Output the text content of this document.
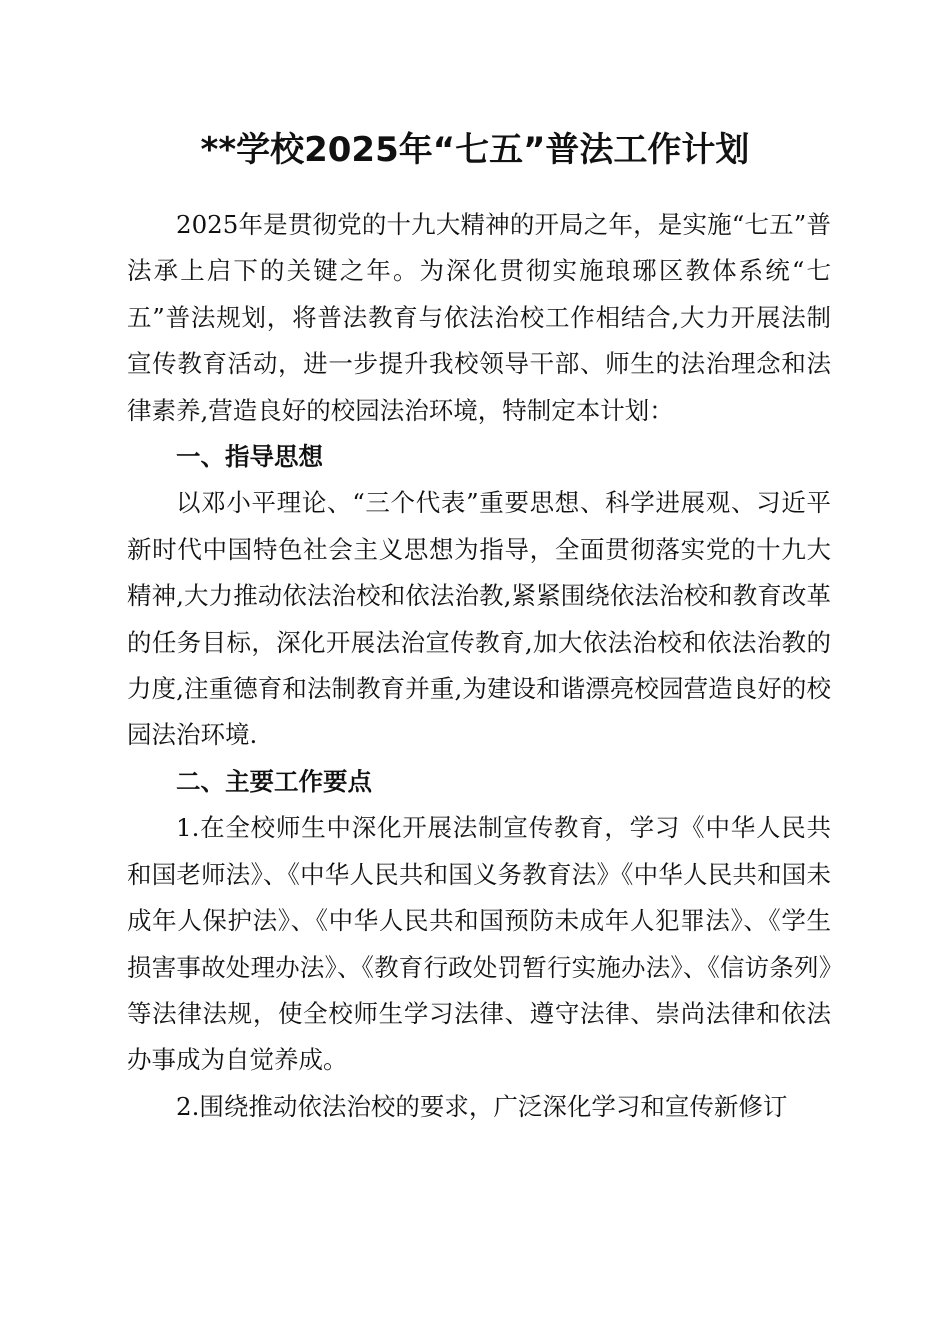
**学校2025年“七五”普法工作计划

2025年是贯彻党的十九大精神的开局之年，是实施“七五”普法承上启下的关键之年。为深化贯彻实施琅琊区教体系统“七五”普法规划，将普法教育与依法治校工作相结合,大力开展法制宣传教育活动，进一步提升我校领导干部、师生的法治理念和法律素养,营造良好的校园法治环境，特制定本计划：

一、指导思想

以邓小平理论、“三个代表”重要思想、科学进展观、习近平新时代中国特色社会主义思想为指导，全面贯彻落实党的十九大精神,大力推动依法治校和依法治教,紧紧围绕依法治校和教育改革的任务目标，深化开展法治宣传教育,加大依法治校和依法治教的力度,注重德育和法制教育并重,为建设和谐漂亮校园营造良好的校园法治环境.

二、主要工作要点

1.在全校师生中深化开展法制宣传教育，学习《中华人民共和国老师法》、《中华人民共和国义务教育法》《中华人民共和国未成年人保护法》、《中华人民共和国预防未成年人犯罪法》、《学生损害事故处理办法》、《教育行政处罚暂行实施办法》、《信访条列》等法律法规，使全校师生学习法律、遵守法律、崇尚法律和依法办事成为自觉养成。

2.围绕推动依法治校的要求，广泛深化学习和宣传新修订
